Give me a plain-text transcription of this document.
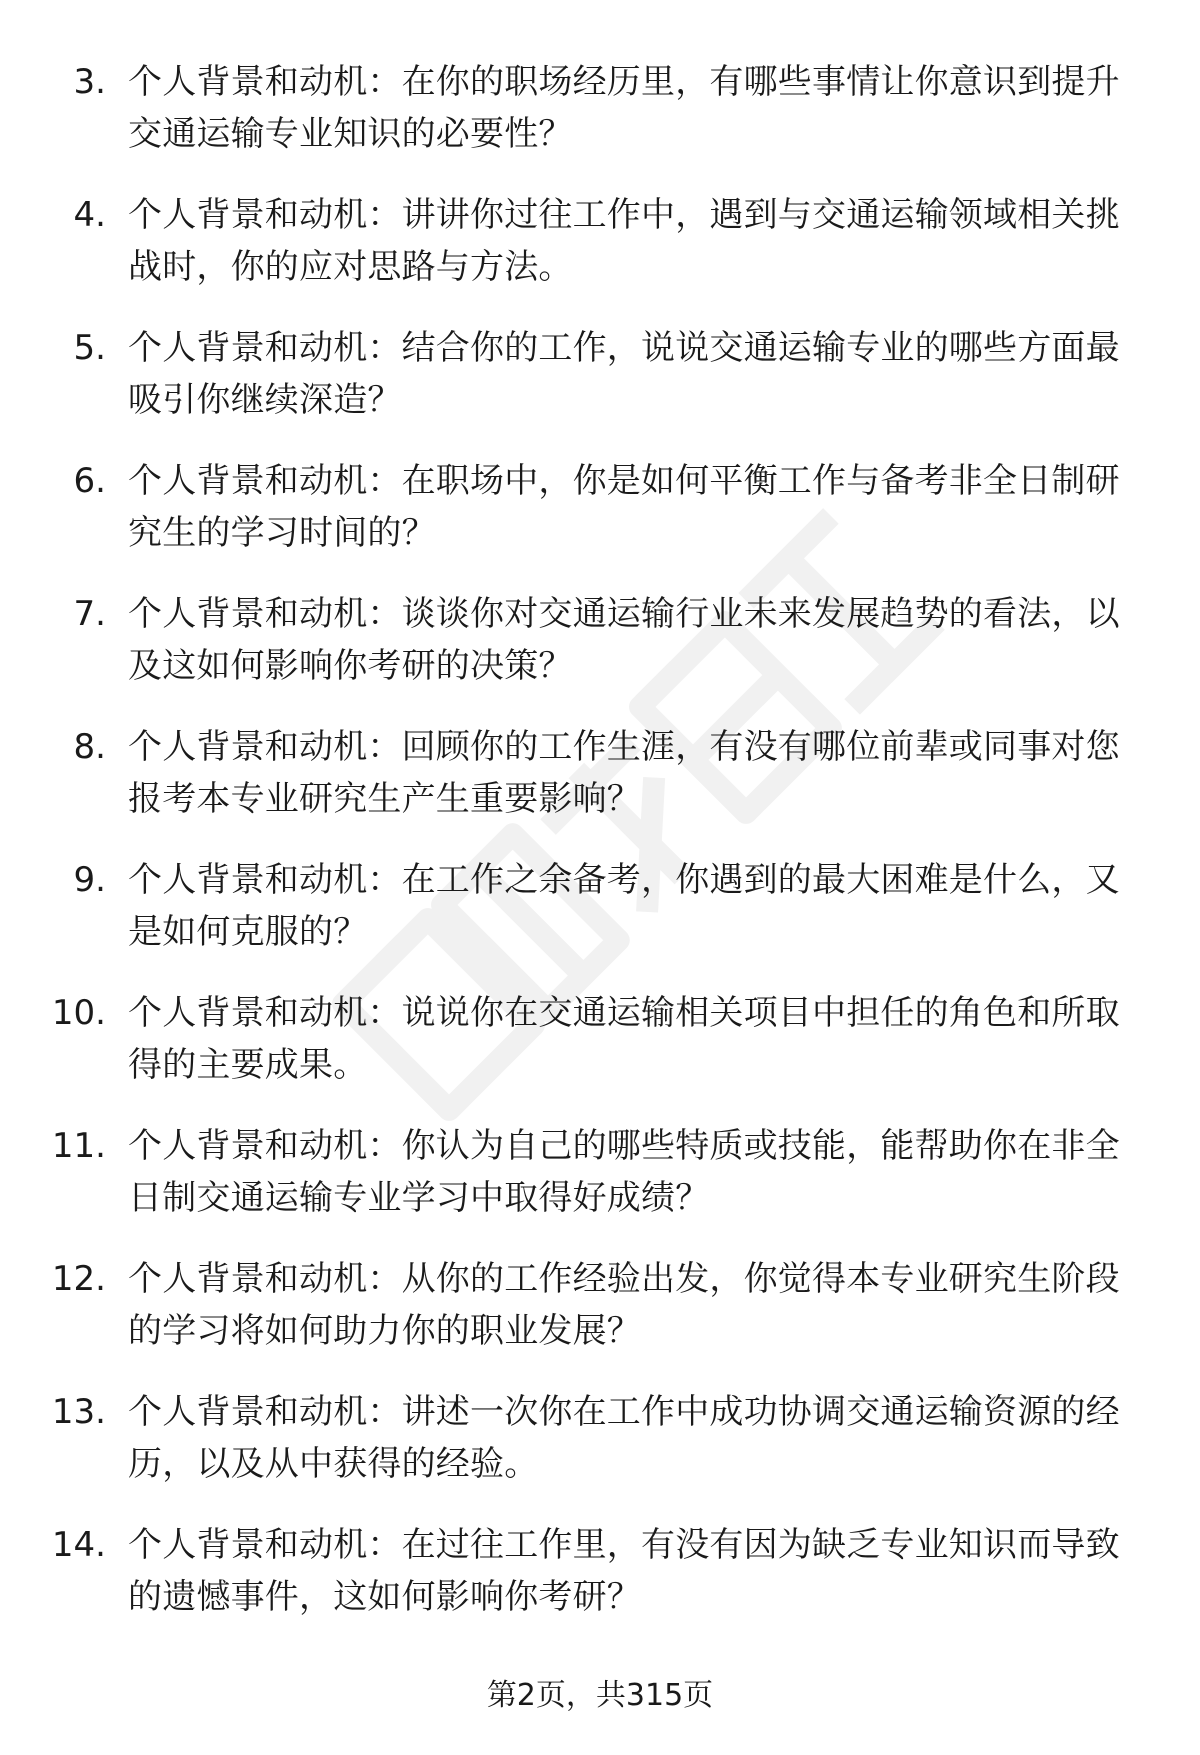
3. 个人背景和动机：在你的职场经历里，有哪些事情让你意识到提升交通运输专业知识的必要性？
4. 个人背景和动机：讲讲你过往工作中，遇到与交通运输领域相关挑战时，你的应对思路与方法。
5. 个人背景和动机：结合你的工作，说说交通运输专业的哪些方面最吸引你继续深造？
6. 个人背景和动机：在职场中，你是如何平衡工作与备考非全日制研究生的学习时间的？
7. 个人背景和动机：谈谈你对交通运输行业未来发展趋势的看法，以及这如何影响你考研的决策？
8. 个人背景和动机：回顾你的工作生涯，有没有哪位前辈或同事对您报考本专业研究生产生重要影响？
9. 个人背景和动机：在工作之余备考，你遇到的最大困难是什么，又是如何克服的？
10. 个人背景和动机：说说你在交通运输相关项目中担任的角色和所取得的主要成果。
11. 个人背景和动机：你认为自己的哪些特质或技能，能帮助你在非全日制交通运输专业学习中取得好成绩？
12. 个人背景和动机：从你的工作经验出发，你觉得本专业研究生阶段的学习将如何助力你的职业发展？
13. 个人背景和动机：讲述一次你在工作中成功协调交通运输资源的经历，以及从中获得的经验。
14. 个人背景和动机：在过往工作里，有没有因为缺乏专业知识而导致的遗憾事件，这如何影响你考研？
第2页，共315页
